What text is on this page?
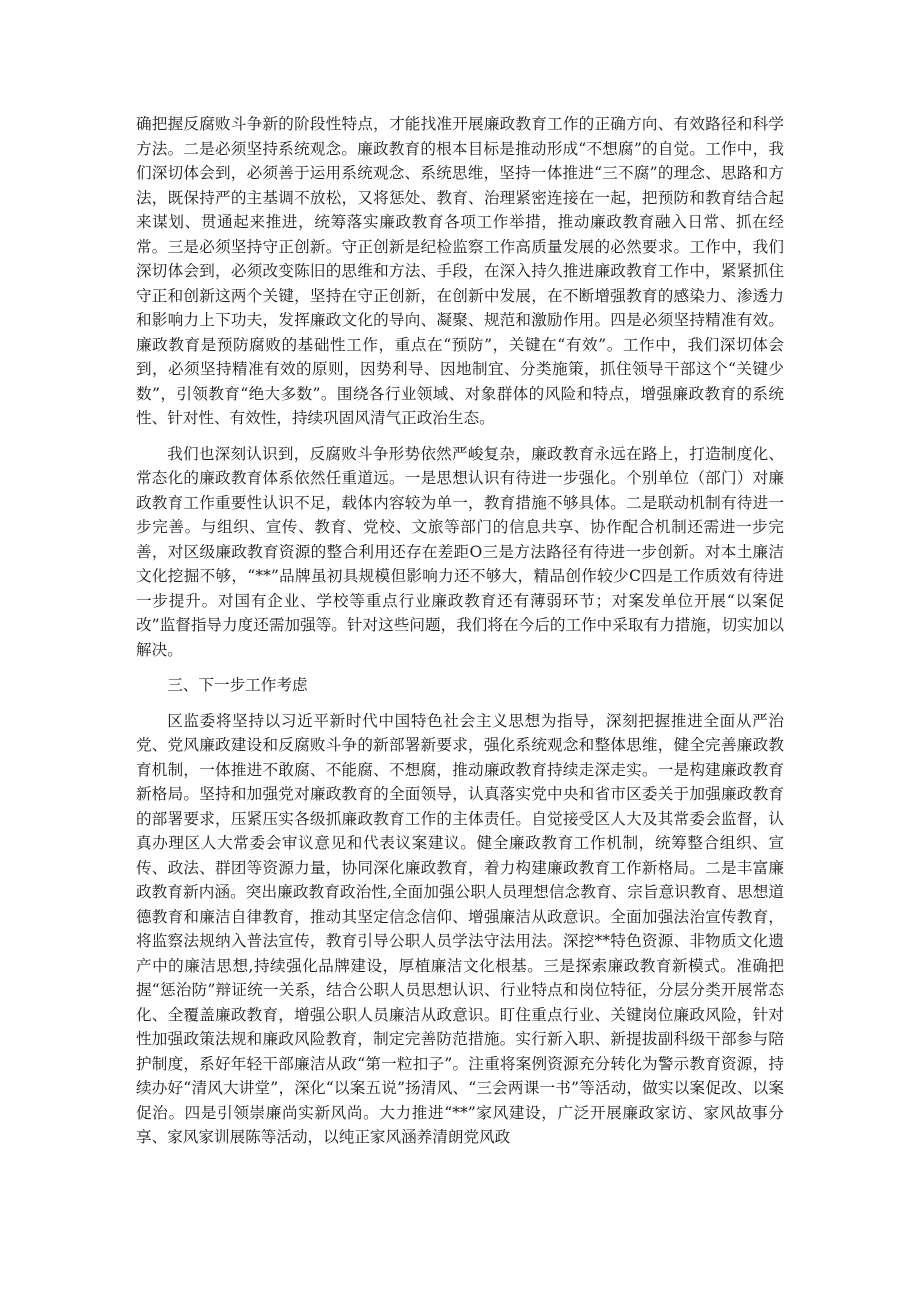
确把握反腐败斗争新的阶段性特点，才能找准开展廉政教育工作的正确方向、有效路径和科学方法。二是必须坚持系统观念。廉政教育的根本目标是推动形成“不想腐”的自觉。工作中，我们深切体会到，必须善于运用系统观念、系统思维，坚持一体推进“三不腐”的理念、思路和方法，既保持严的主基调不放松，又将惩处、教育、治理紧密连接在一起，把预防和教育结合起来谋划、贯通起来推进，统筹落实廉政教育各项工作举措，推动廉政教育融入日常、抓在经常。三是必须坚持守正创新。守正创新是纪检监察工作高质量发展的必然要求。工作中，我们深切体会到，必须改变陈旧的思维和方法、手段，在深入持久推进廉政教育工作中，紧紧抓住守正和创新这两个关键，坚持在守正创新，在创新中发展，在不断增强教育的感染力、渗透力和影响力上下功夫，发挥廉政文化的导向、凝聚、规范和激励作用。四是必须坚持精准有效。廉政教育是预防腐败的基础性工作，重点在“预防”，关键在“有效”。工作中，我们深切体会到，必须坚持精准有效的原则，因势利导、因地制宜、分类施策，抓住领导干部这个“关键少数”，引领教育“绝大多数”。围绕各行业领域、对象群体的风险和特点，增强廉政教育的系统性、针对性、有效性，持续巩固风清气正政治生态。

我们也深刻认识到，反腐败斗争形势依然严峻复杂，廉政教育永远在路上，打造制度化、常态化的廉政教育体系依然任重道远。一是思想认识有待进一步强化。个别单位（部门）对廉政教育工作重要性认识不足，载体内容较为单一，教育措施不够具体。二是联动机制有待进一步完善。与组织、宣传、教育、党校、文旅等部门的信息共享、协作配合机制还需进一步完善，对区级廉政教育资源的整合利用还存在差距O三是方法路径有待进一步创新。对本土廉洁文化挖掘不够，“**”品牌虽初具规模但影响力还不够大，精品创作较少C四是工作质效有待进一步提升。对国有企业、学校等重点行业廉政教育还有薄弱环节；对案发单位开展“以案促改”监督指导力度还需加强等。针对这些问题，我们将在今后的工作中采取有力措施，切实加以解决。

三、下一步工作考虑

区监委将坚持以习近平新时代中国特色社会主义思想为指导，深刻把握推进全面从严治党、党风廉政建设和反腐败斗争的新部署新要求，强化系统观念和整体思维，健全完善廉政教育机制，一体推进不敢腐、不能腐、不想腐，推动廉政教育持续走深走实。一是构建廉政教育新格局。坚持和加强党对廉政教育的全面领导，认真落实党中央和省市区委关于加强廉政教育的部署要求，压紧压实各级抓廉政教育工作的主体责任。自觉接受区人大及其常委会监督，认真办理区人大常委会审议意见和代表议案建议。健全廉政教育工作机制，统筹整合组织、宣传、政法、群团等资源力量，协同深化廉政教育，着力构建廉政教育工作新格局。二是丰富廉政教育新内涵。突出廉政教育政治性,全面加强公职人员理想信念教育、宗旨意识教育、思想道德教育和廉洁自律教育，推动其坚定信念信仰、增强廉洁从政意识。全面加强法治宣传教育，将监察法规纳入普法宣传，教育引导公职人员学法守法用法。深挖**特色资源、非物质文化遗产中的廉洁思想,持续强化品牌建设，厚植廉洁文化根基。三是探索廉政教育新模式。准确把握“惩治防”辩证统一关系，结合公职人员思想认识、行业特点和岗位特征，分层分类开展常态化、全覆盖廉政教育，增强公职人员廉洁从政意识。盯住重点行业、关键岗位廉政风险，针对性加强政策法规和廉政风险教育，制定完善防范措施。实行新入职、新提拔副科级干部参与陪护制度，系好年轻干部廉洁从政“第一粒扣子”。注重将案例资源充分转化为警示教育资源，持续办好“清风大讲堂”，深化“以案五说”扬清风、“三会两课一书”等活动，做实以案促改、以案促治。四是引领崇廉尚实新风尚。大力推进“**”家风建设，广泛开展廉政家访、家风故事分享、家风家训展陈等活动，以纯正家风涵养清朗党风政
